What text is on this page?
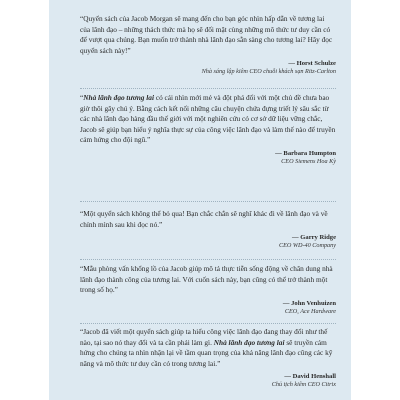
“Quyển sách của Jacob Morgan sẽ mang đến cho bạn góc nhìn hấp dẫn về tương lai của lãnh đạo – những thách thức mà họ sẽ đối mặt cùng những mô thức tư duy cần có để vượt qua chúng. Bạn muốn trở thành nhà lãnh đạo sẵn sàng cho tương lai? Hãy đọc quyển sách này!”

— Horst Schulze
Nhà sáng lập kiêm CEO chuỗi khách sạn Ritz-Carlton

“Nhà lãnh đạo tương lai có cái nhìn mới mẻ và đột phá đối với một chủ đề chưa bao giờ thôi gây chú ý. Bằng cách kết nối những câu chuyện chứa đựng triết lý sâu sắc từ các nhà lãnh đạo hàng đầu thế giới với một nghiên cứu có cơ sở dữ liệu vững chắc, Jacob sẽ giúp bạn hiểu ý nghĩa thực sự của công việc lãnh đạo và làm thế nào để truyền cảm hứng cho đội ngũ.”

— Barbara Humpton
CEO Siemens Hoa Kỳ

“Một quyển sách không thể bỏ qua! Bạn chắc chắn sẽ nghĩ khác đi về lãnh đạo và về chính mình sau khi đọc nó.”

— Garry Ridge
CEO WD-40 Company

“Mẫu phòng vấn khổng lồ của Jacob giúp mô tả thực tiễn sống động về chân dung nhà lãnh đạo thành công của tương lai. Với cuốn sách này, bạn cũng có thể trở thành một trong số họ.”

— John Venhuizen
CEO, Ace Hardware

“Jacob đã viết một quyển sách giúp ta hiểu công việc lãnh đạo đang thay đổi như thế nào, tại sao nó thay đổi và ta cần phải làm gì. Nhà lãnh đạo tương lai sẽ truyền cảm hứng cho chúng ta nhìn nhận lại về tầm quan trọng của khả năng lãnh đạo cũng các kỹ năng và mô thức tư duy cần có trong tương lai.”

— David Henshall
Chủ tịch kiêm CEO Citrix
